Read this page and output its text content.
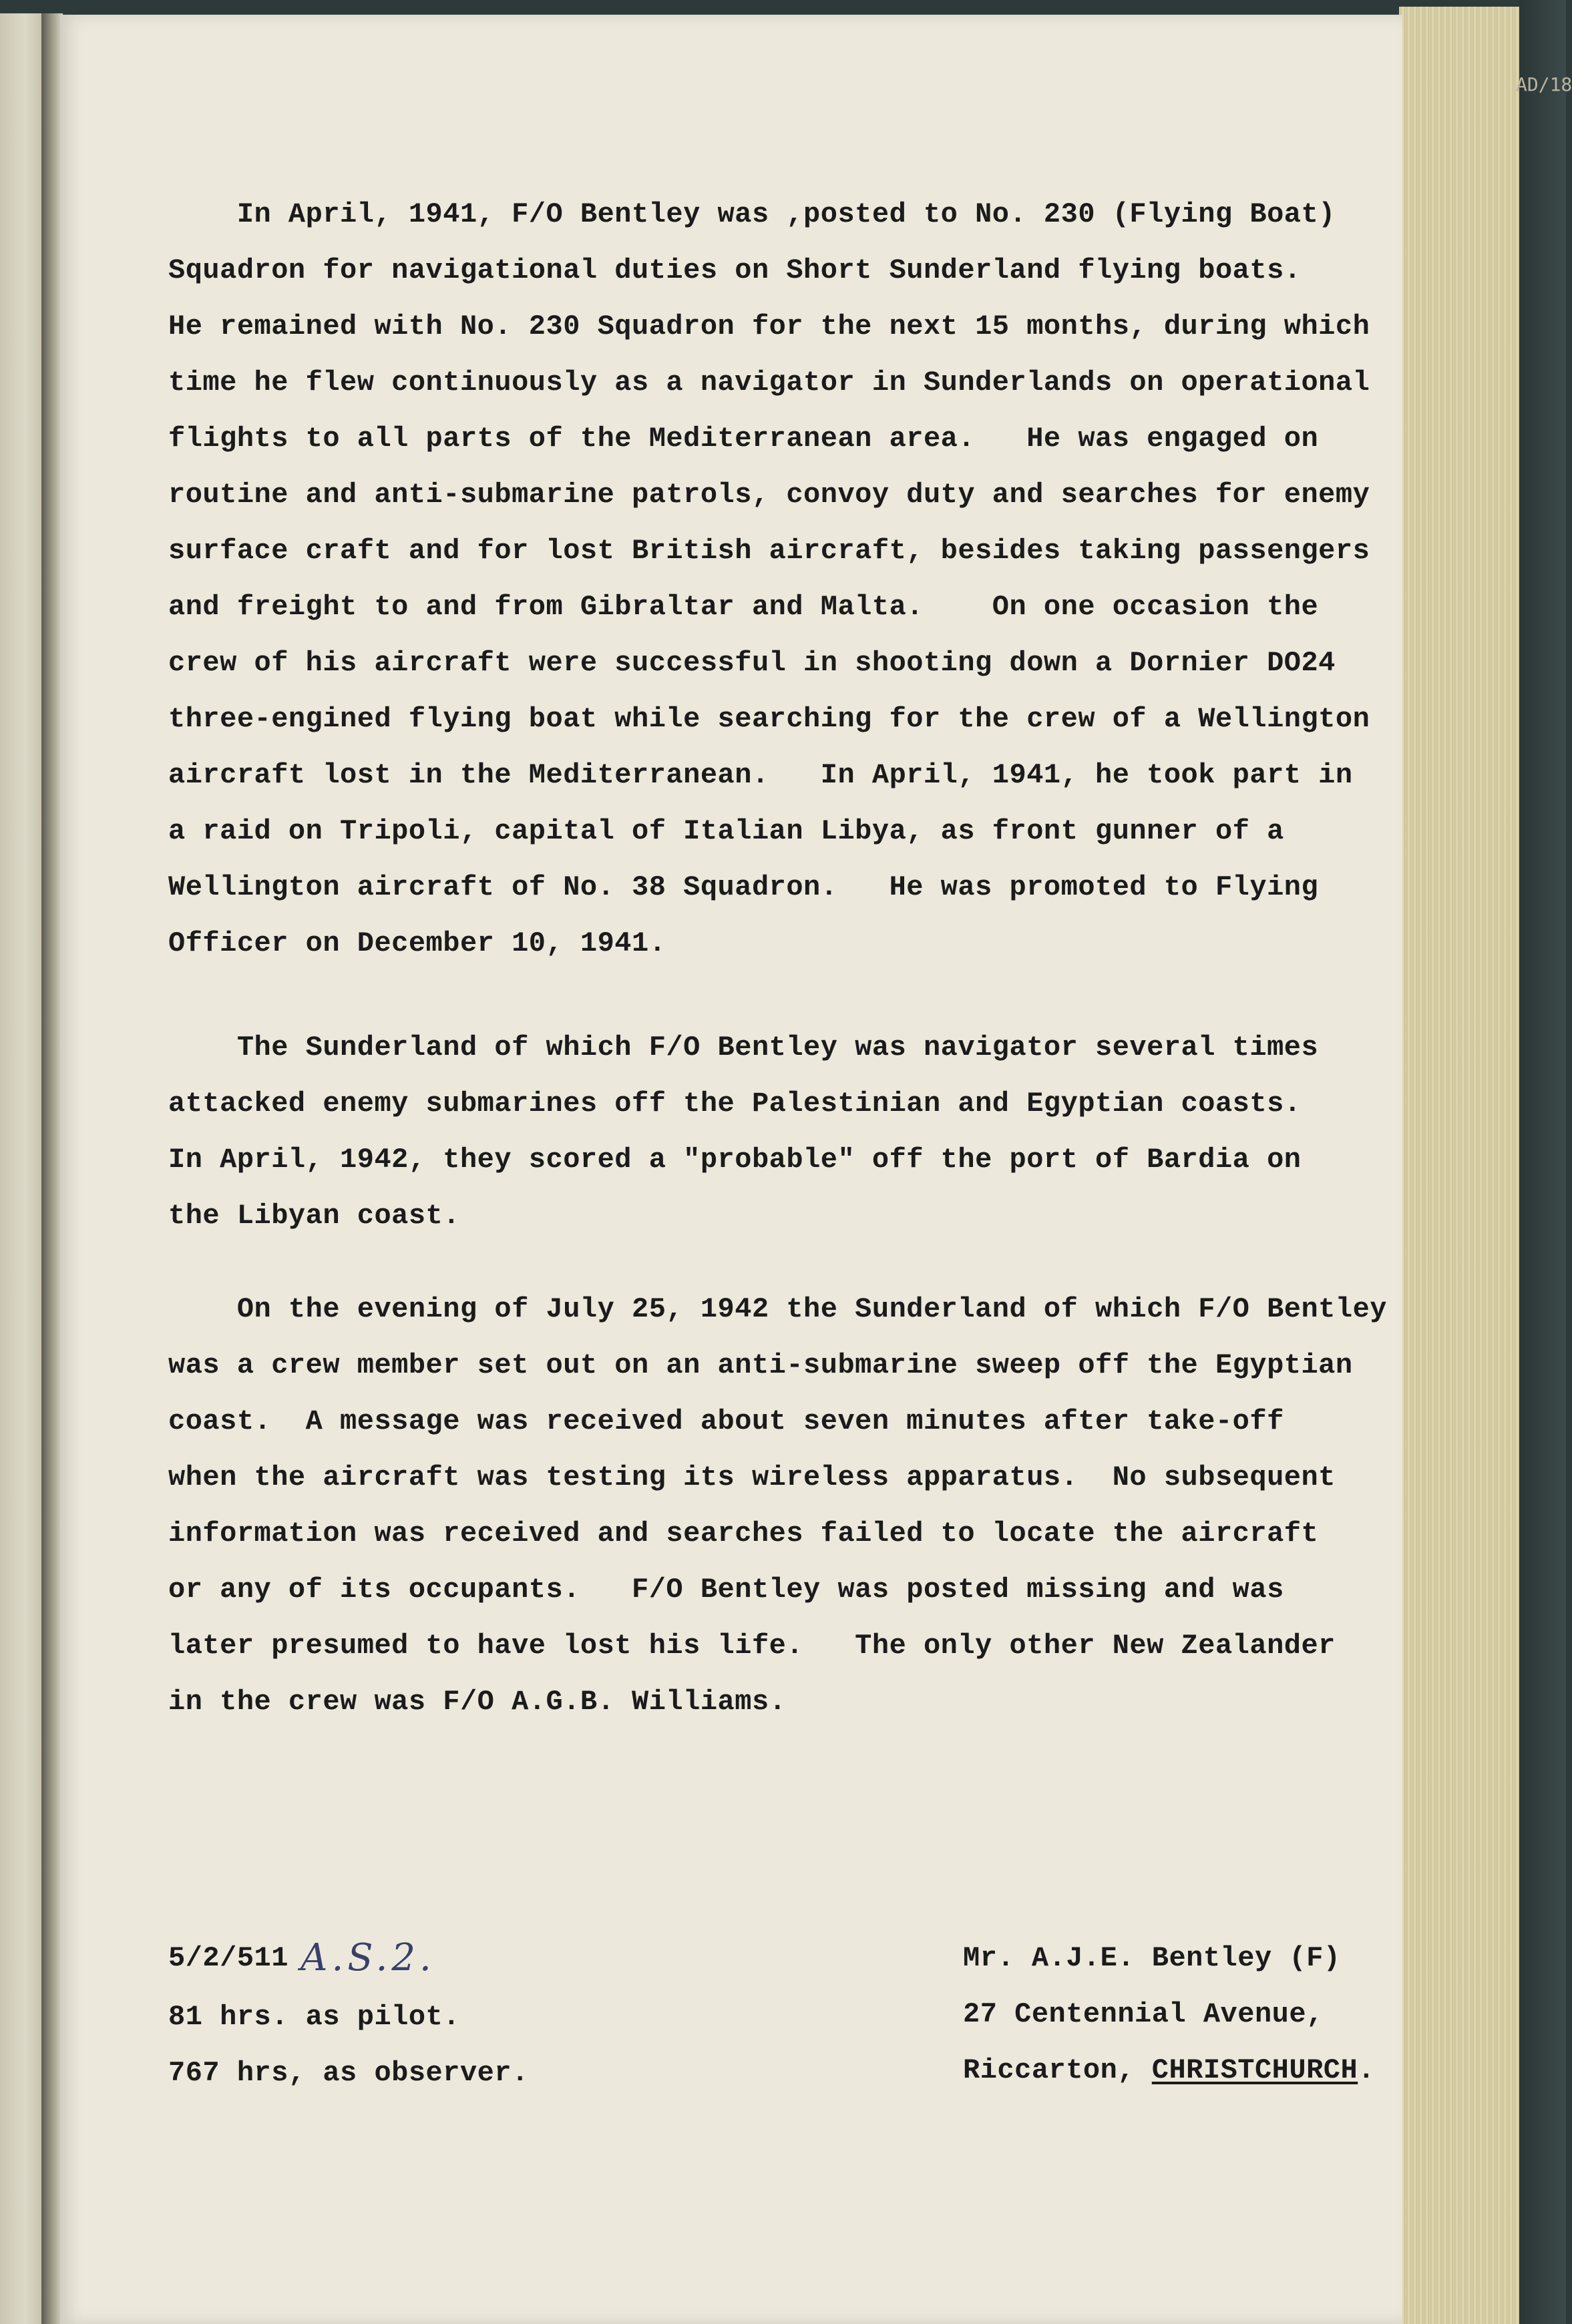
AD/18
In April, 1941, F/O Bentley was ,posted to No. 230 (Flying Boat)
Squadron for navigational duties on Short Sunderland flying boats.
He remained with No. 230 Squadron for the next 15 months, during which
time he flew continuously as a navigator in Sunderlands on operational
flights to all parts of the Mediterranean area.   He was engaged on
routine and anti-submarine patrols, convoy duty and searches for enemy
surface craft and for lost British aircraft, besides taking passengers
and freight to and from Gibraltar and Malta.    On one occasion the
crew of his aircraft were successful in shooting down a Dornier DO24
three-engined flying boat while searching for the crew of a Wellington
aircraft lost in the Mediterranean.   In April, 1941, he took part in
a raid on Tripoli, capital of Italian Libya, as front gunner of a
Wellington aircraft of No. 38 Squadron.   He was promoted to Flying
Officer on December 10, 1941.
The Sunderland of which F/O Bentley was navigator several times
attacked enemy submarines off the Palestinian and Egyptian coasts.
In April, 1942, they scored a "probable" off the port of Bardia on
the Libyan coast.
On the evening of July 25, 1942 the Sunderland of which F/O Bentley
was a crew member set out on an anti-submarine sweep off the Egyptian
coast.  A message was received about seven minutes after take-off
when the aircraft was testing its wireless apparatus.  No subsequent
information was received and searches failed to locate the aircraft
or any of its occupants.   F/O Bentley was posted missing and was
later presumed to have lost his life.   The only other New Zealander
in the crew was F/O A.G.B. Williams.
5/2/511 A.S.2.
81 hrs. as pilot.
767 hrs, as observer.
Mr. A.J.E. Bentley (F)
27 Centennial Avenue,
Riccarton, CHRISTCHURCH.
